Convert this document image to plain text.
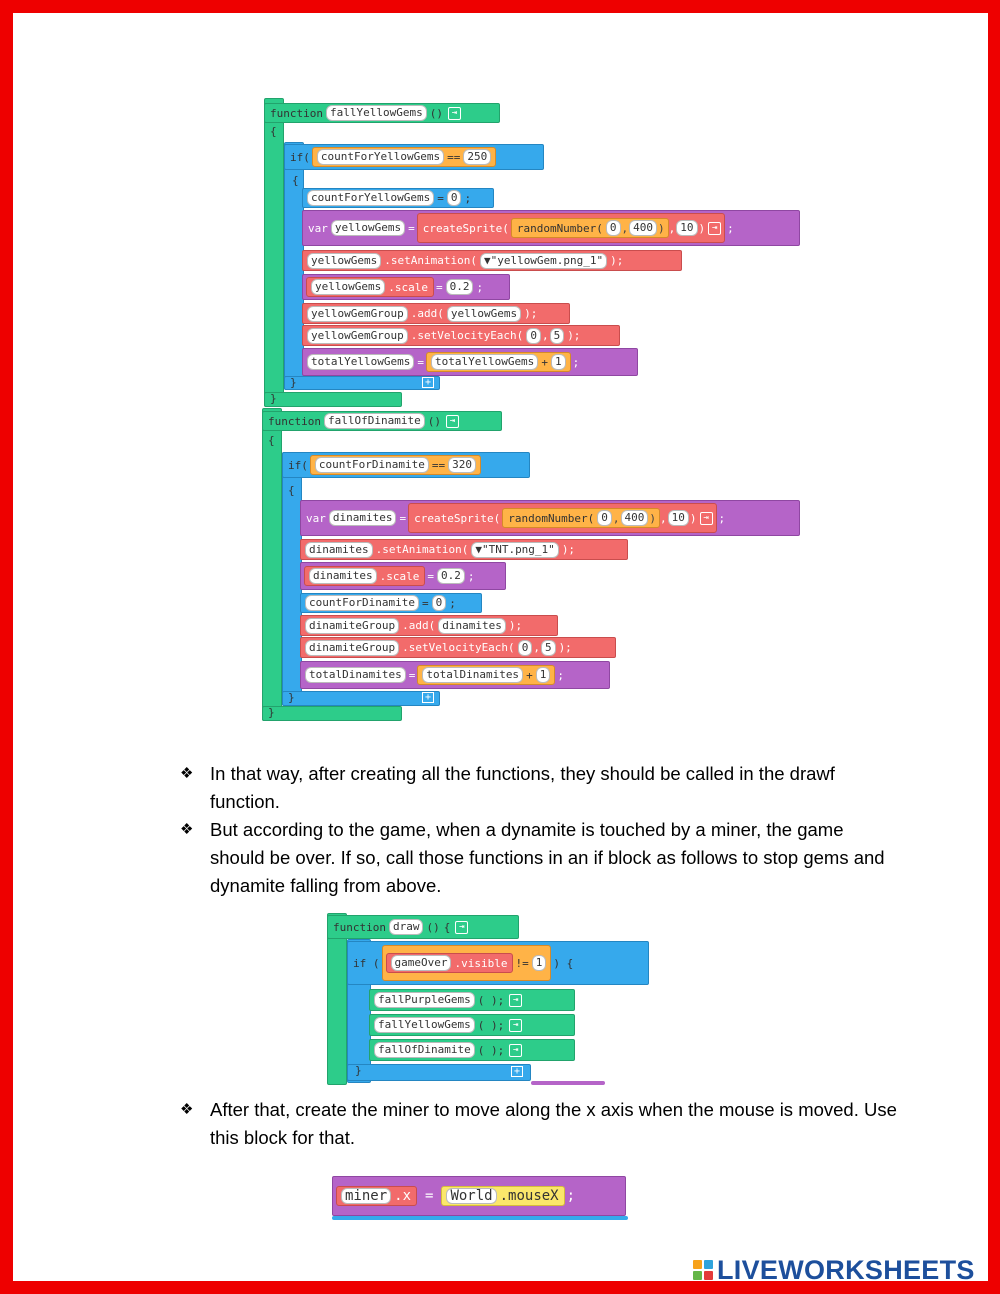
function fallYellowGems () ⇥
{
if(	countForYellowGems == 250
{
countForYellowGems = 0 ;
var yellowGems = createSprite( randomNumber( 0 , 400 ) , 10 ) ⇥ ;
yellowGems .setAnimation( ▼"yellowGem.png_1" );
yellowGems .scale = 0.2 ;
yellowGemGroup .add( yellowGems );
yellowGemGroup .setVelocityEach( 0 , 5 );
totalYellowGems =	totalYellowGems + 1	;
}	+
}
function fallOfDinamite () ⇥
{
if(	countForDinamite == 320
{
var dinamites = createSprite( randomNumber( 0 , 400 ) , 10 ) ⇥ ;
dinamites .setAnimation( ▼"TNT.png_1" );
dinamites .scale = 0.2 ;
countForDinamite = 0 ;
dinamiteGroup .add( dinamites );
dinamiteGroup .setVelocityEach( 0 , 5 );
totalDinamites =	totalDinamites + 1	;
}	+
}
❖ In that way, after creating all the functions, they should be called in the drawf function.
❖ But according to the game, when a dynamite is touched by a miner, the game should be over. If so, call those functions in an if block as follows to stop gems and dynamite falling from above.
function draw () { ⇥
if (	gameOver .visible != 1	) {
fallPurpleGems ( ); ⇥
fallYellowGems ( ); ⇥
fallOfDinamite ( ); ⇥
}	+
❖ After that, create the miner to move along the x axis when the mouse is moved. Use this block for that.
miner .x = World .mouseX ;
LIVEWORKSHEETS
